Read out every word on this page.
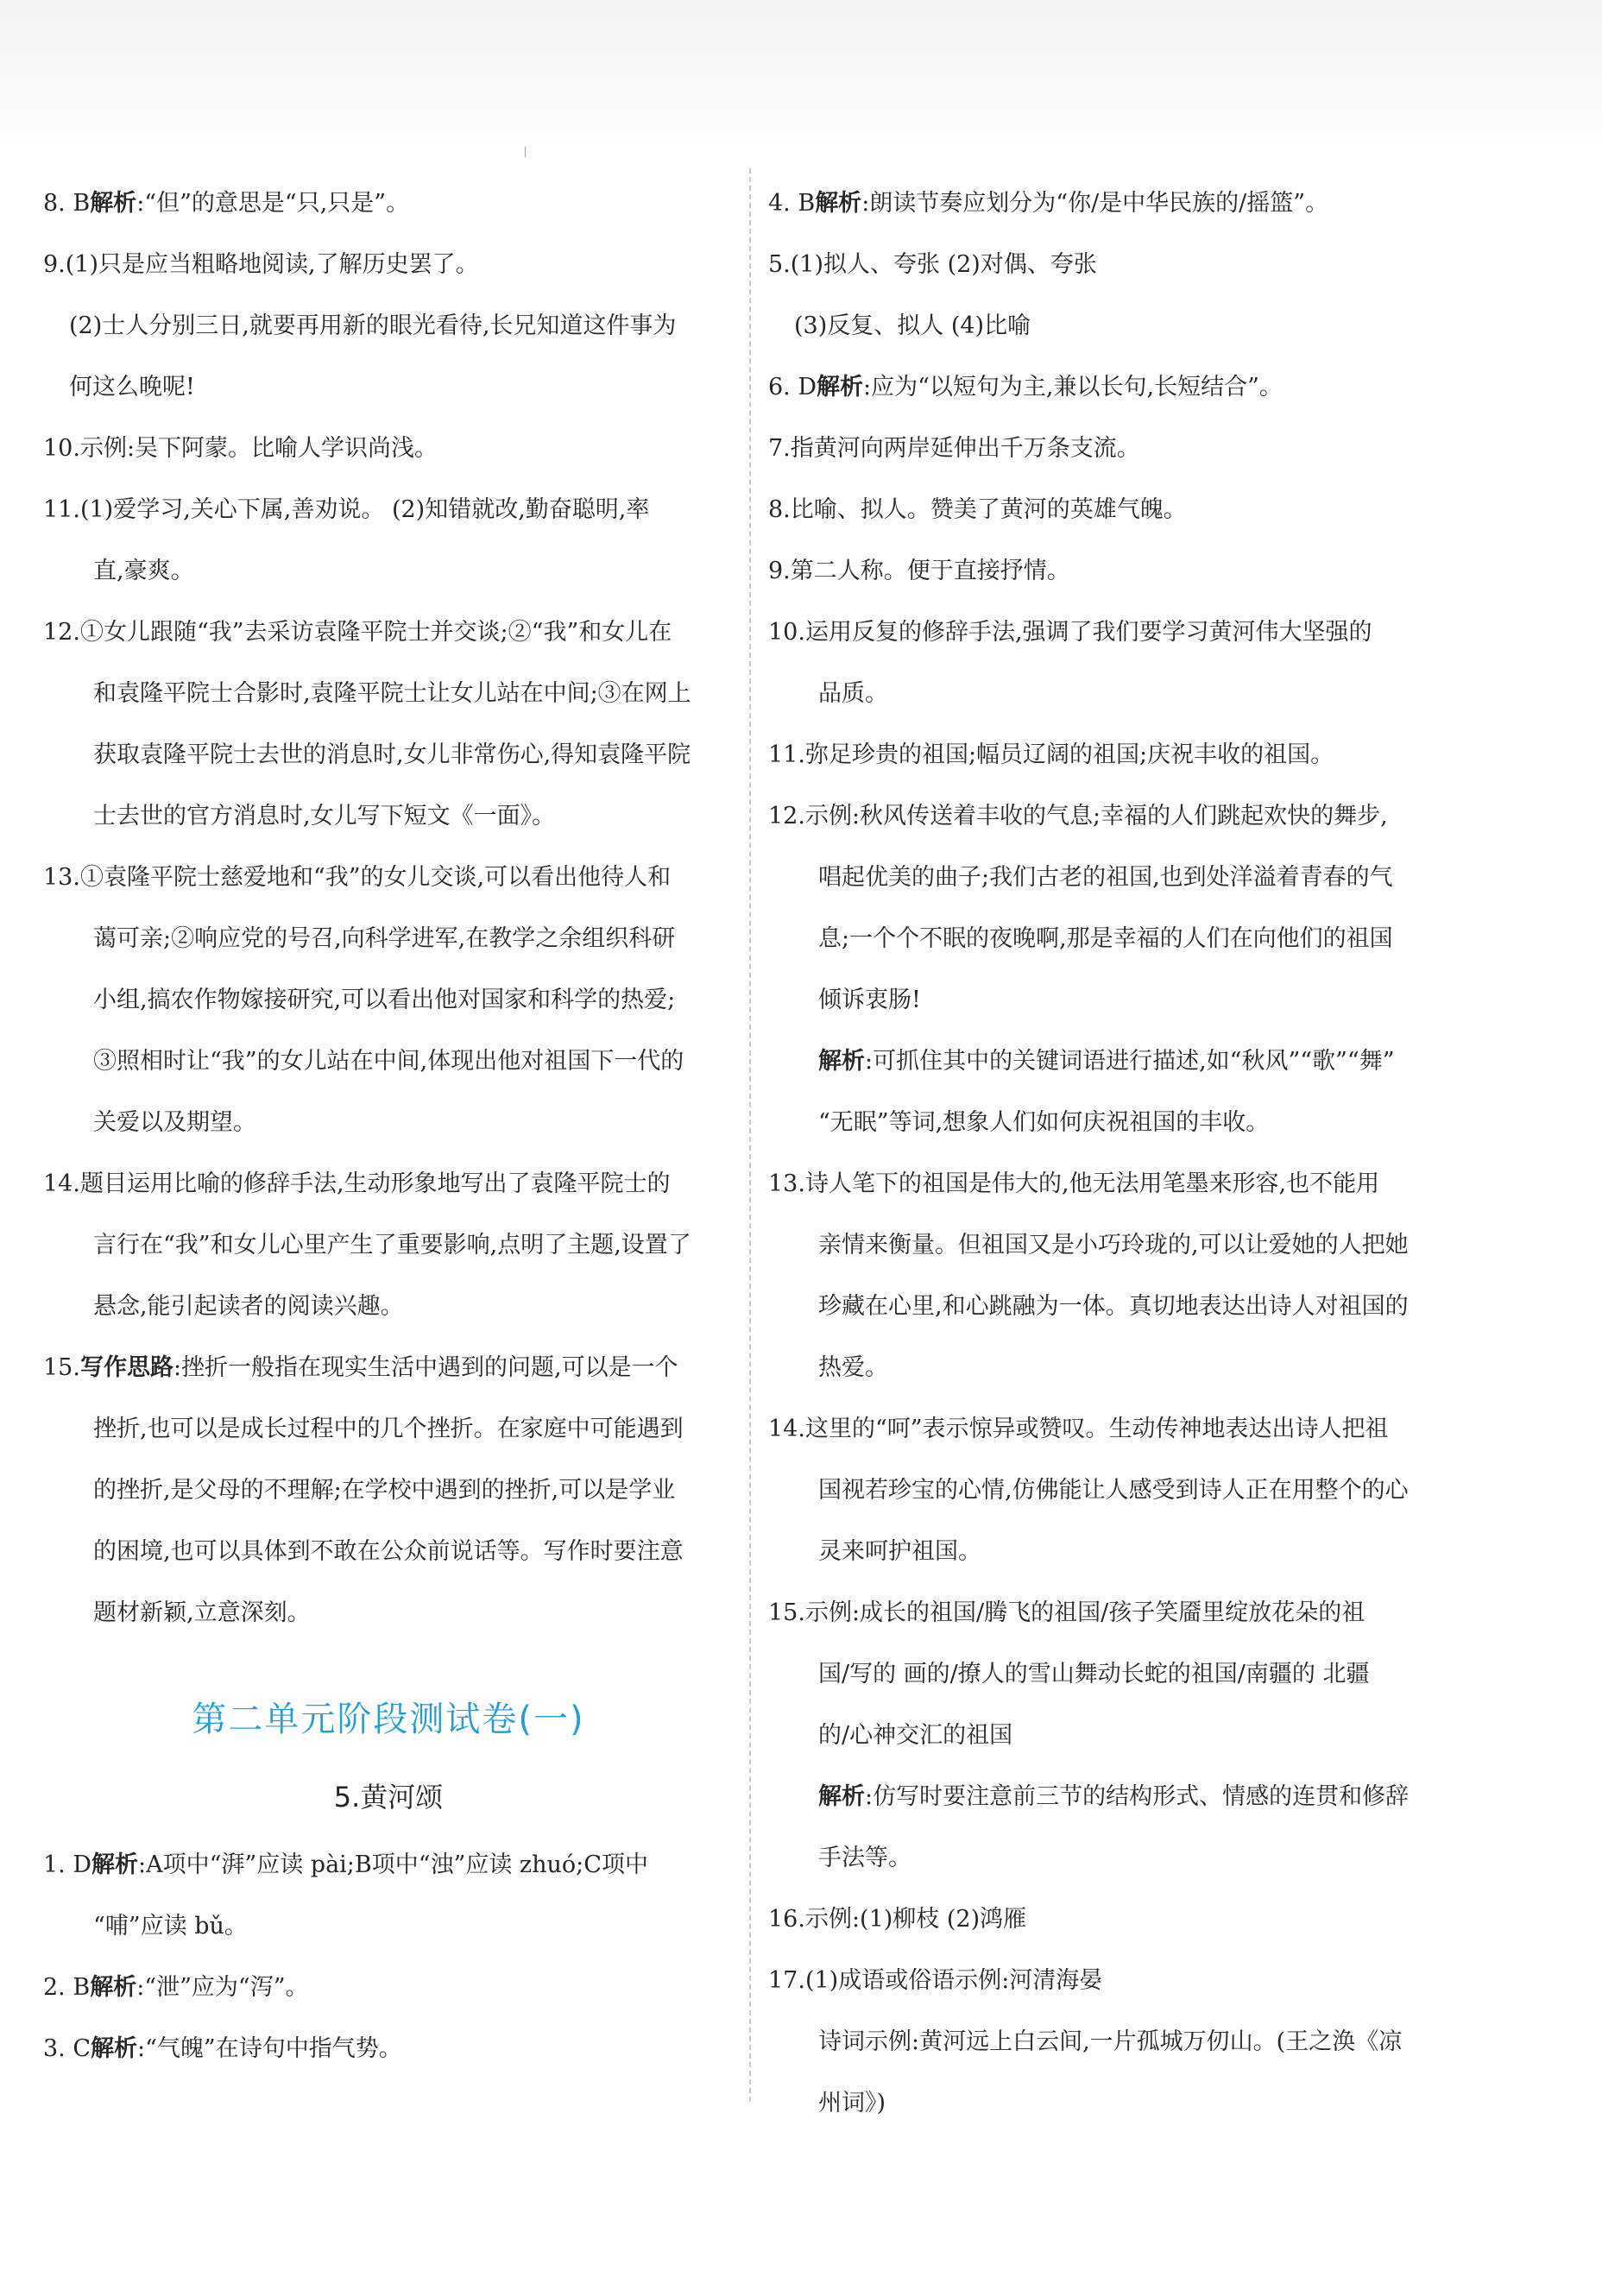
8. B解析:“但”的意思是“只,只是”。
9.(1)只是应当粗略地阅读,了解历史罢了。
(2)士人分别三日,就要再用新的眼光看待,长兄知道这件事为
何这么晚呢!
10.示例:吴下阿蒙。比喻人学识尚浅。
11.(1)爱学习,关心下属,善劝说。 (2)知错就改,勤奋聪明,率
直,豪爽。
12.①女儿跟随“我”去采访袁隆平院士并交谈;②“我”和女儿在
和袁隆平院士合影时,袁隆平院士让女儿站在中间;③在网上
获取袁隆平院士去世的消息时,女儿非常伤心,得知袁隆平院
士去世的官方消息时,女儿写下短文《一面》。
13.①袁隆平院士慈爱地和“我”的女儿交谈,可以看出他待人和
蔼可亲;②响应党的号召,向科学进军,在教学之余组织科研
小组,搞农作物嫁接研究,可以看出他对国家和科学的热爱;
③照相时让“我”的女儿站在中间,体现出他对祖国下一代的
关爱以及期望。
14.题目运用比喻的修辞手法,生动形象地写出了袁隆平院士的
言行在“我”和女儿心里产生了重要影响,点明了主题,设置了
悬念,能引起读者的阅读兴趣。
15.写作思路:挫折一般指在现实生活中遇到的问题,可以是一个
挫折,也可以是成长过程中的几个挫折。在家庭中可能遇到
的挫折,是父母的不理解;在学校中遇到的挫折,可以是学业
的困境,也可以具体到不敢在公众前说话等。写作时要注意
题材新颖,立意深刻。
第二单元阶段测试卷(一)
5.黄河颂
1. D解析:A项中“湃”应读 pài;B项中“浊”应读 zhuó;C项中
“哺”应读 bǔ。
2. B解析:“泄”应为“泻”。
3. C解析:“气魄”在诗句中指气势。
4. B解析:朗读节奏应划分为“你/是中华民族的/摇篮”。
5.(1)拟人、夸张 (2)对偶、夸张
(3)反复、拟人 (4)比喻
6. D解析:应为“以短句为主,兼以长句,长短结合”。
7.指黄河向两岸延伸出千万条支流。
8.比喻、拟人。赞美了黄河的英雄气魄。
9.第二人称。便于直接抒情。
10.运用反复的修辞手法,强调了我们要学习黄河伟大坚强的
品质。
11.弥足珍贵的祖国;幅员辽阔的祖国;庆祝丰收的祖国。
12.示例:秋风传送着丰收的气息;幸福的人们跳起欢快的舞步,
唱起优美的曲子;我们古老的祖国,也到处洋溢着青春的气
息;一个个不眠的夜晚啊,那是幸福的人们在向他们的祖国
倾诉衷肠!
解析:可抓住其中的关键词语进行描述,如“秋风”“歌”“舞”
“无眠”等词,想象人们如何庆祝祖国的丰收。
13.诗人笔下的祖国是伟大的,他无法用笔墨来形容,也不能用
亲情来衡量。但祖国又是小巧玲珑的,可以让爱她的人把她
珍藏在心里,和心跳融为一体。真切地表达出诗人对祖国的
热爱。
14.这里的“呵”表示惊异或赞叹。生动传神地表达出诗人把祖
国视若珍宝的心情,仿佛能让人感受到诗人正在用整个的心
灵来呵护祖国。
15.示例:成长的祖国/腾飞的祖国/孩子笑靥里绽放花朵的祖
国/写的 画的/撩人的雪山舞动长蛇的祖国/南疆的 北疆
的/心神交汇的祖国
解析:仿写时要注意前三节的结构形式、情感的连贯和修辞
手法等。
16.示例:(1)柳枝 (2)鸿雁
17.(1)成语或俗语示例:河清海晏
诗词示例:黄河远上白云间,一片孤城万仞山。(王之涣《凉
州词》)
